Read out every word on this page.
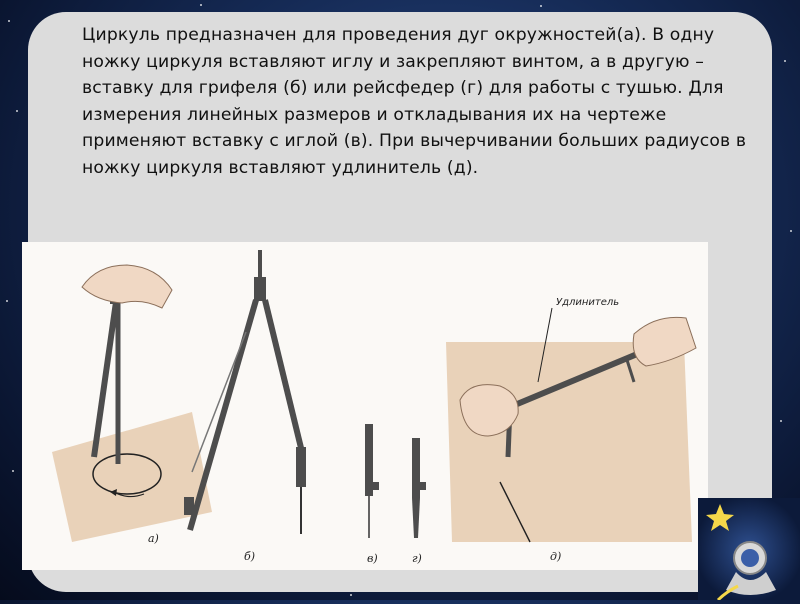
Циркуль предназначен для проведения дуг окружностей(а). В одну ножку циркуля вставляют иглу и закрепляют винтом, а в другую – вставку для грифеля (б) или рейсфедер (г) для работы с тушью. Для измерения линейных размеров и откладывания их на чертеже применяют вставку с иглой (в). При вычерчивании больших радиусов в ножку циркуля вставляют удлинитель (д).
а)
б)	в)	г)
Удлинитель
д)
